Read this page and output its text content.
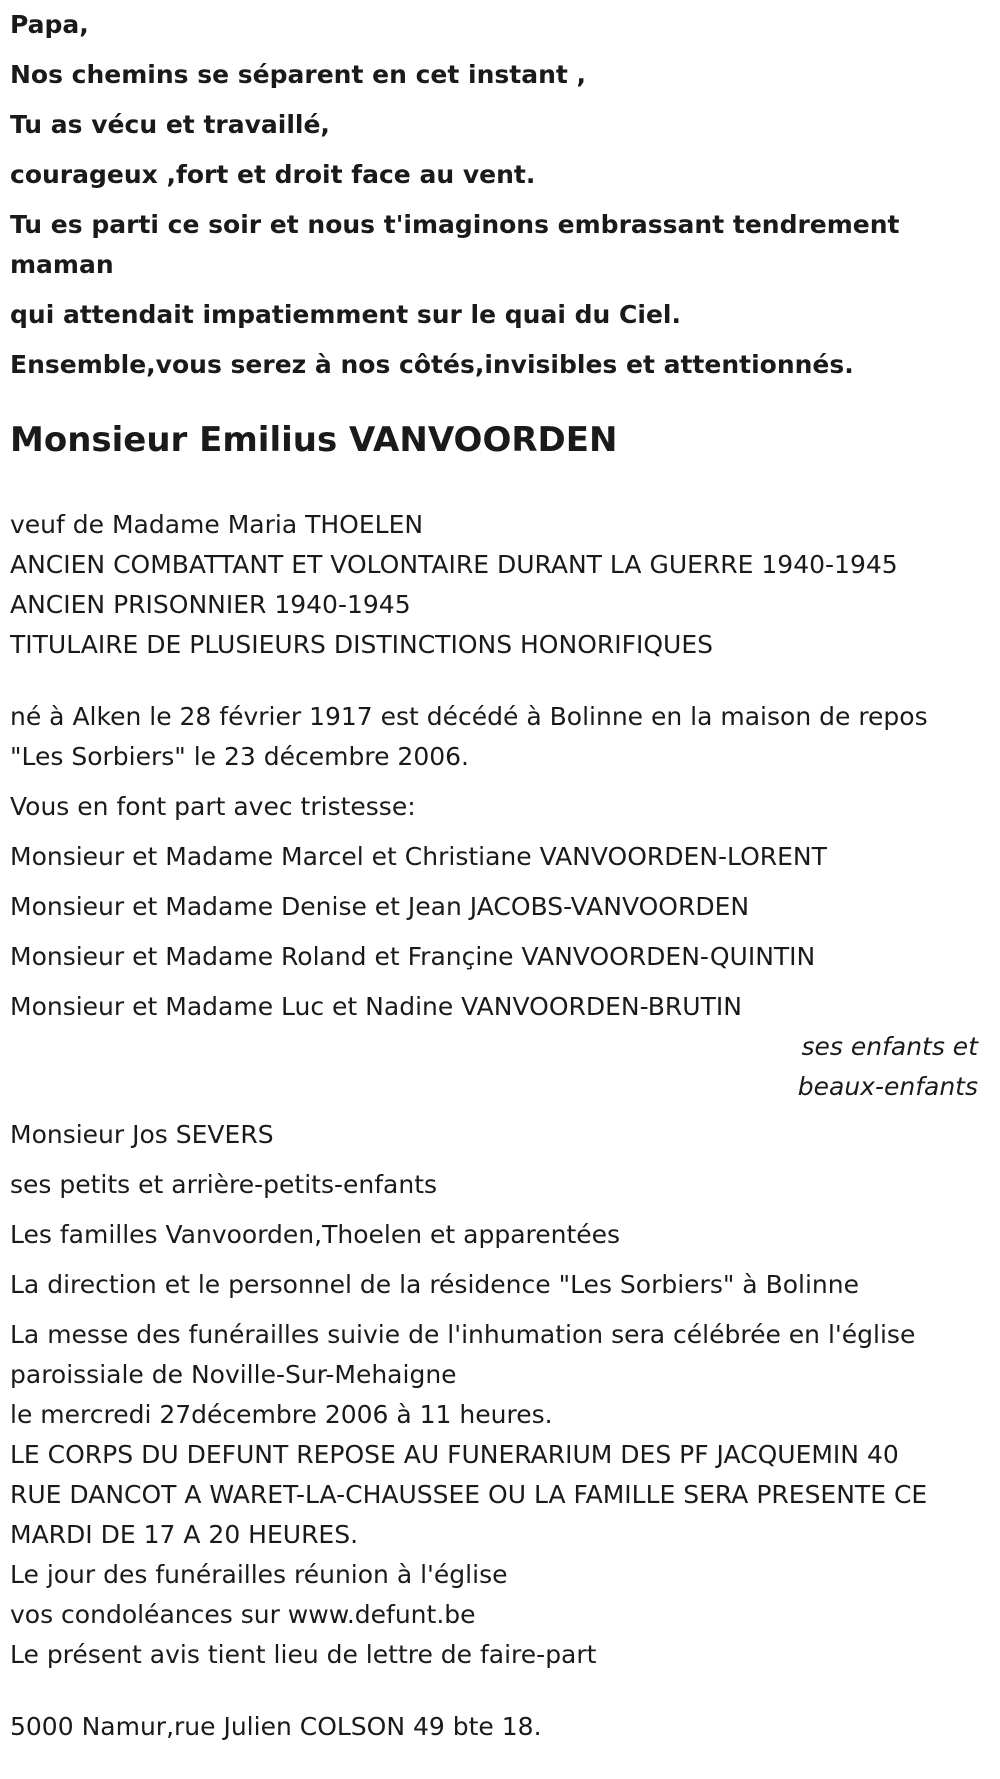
Papa,
Nos chemins se séparent en cet instant ,
Tu as vécu et travaillé,
courageux ,fort et droit face au vent.
Tu es parti ce soir et nous t'imaginons embrassant tendrement
maman
qui attendait impatiemment sur le quai du Ciel.
Ensemble,vous serez à nos côtés,invisibles et attentionnés.
Monsieur Emilius VANVOORDEN
veuf de Madame Maria THOELEN
ANCIEN COMBATTANT ET VOLONTAIRE DURANT LA GUERRE 1940-1945
ANCIEN PRISONNIER 1940-1945
TITULAIRE DE PLUSIEURS DISTINCTIONS HONORIFIQUES
né à Alken le 28 février 1917 est décédé à Bolinne en la maison de repos
"Les Sorbiers" le 23 décembre 2006.
Vous en font part avec tristesse:
Monsieur et Madame Marcel et Christiane VANVOORDEN-LORENT
Monsieur et Madame Denise et Jean JACOBS-VANVOORDEN
Monsieur et Madame Roland et Françine VANVOORDEN-QUINTIN
Monsieur et Madame Luc et Nadine VANVOORDEN-BRUTIN
ses enfants et
beaux-enfants
Monsieur Jos SEVERS
ses petits et arrière-petits-enfants
Les familles Vanvoorden,Thoelen et apparentées
La direction et le personnel de la résidence "Les Sorbiers" à Bolinne
La messe des funérailles suivie de l'inhumation sera célébrée en l'église
paroissiale de Noville-Sur-Mehaigne
le mercredi 27décembre 2006 à 11 heures.
LE CORPS DU DEFUNT REPOSE AU FUNERARIUM DES PF JACQUEMIN 40
RUE DANCOT A WARET-LA-CHAUSSEE OU LA FAMILLE SERA PRESENTE CE
MARDI DE 17 A 20 HEURES.
Le jour des funérailles réunion à l'église
vos condoléances sur www.defunt.be
Le présent avis tient lieu de lettre de faire-part
5000 Namur,rue Julien COLSON 49 bte 18.
